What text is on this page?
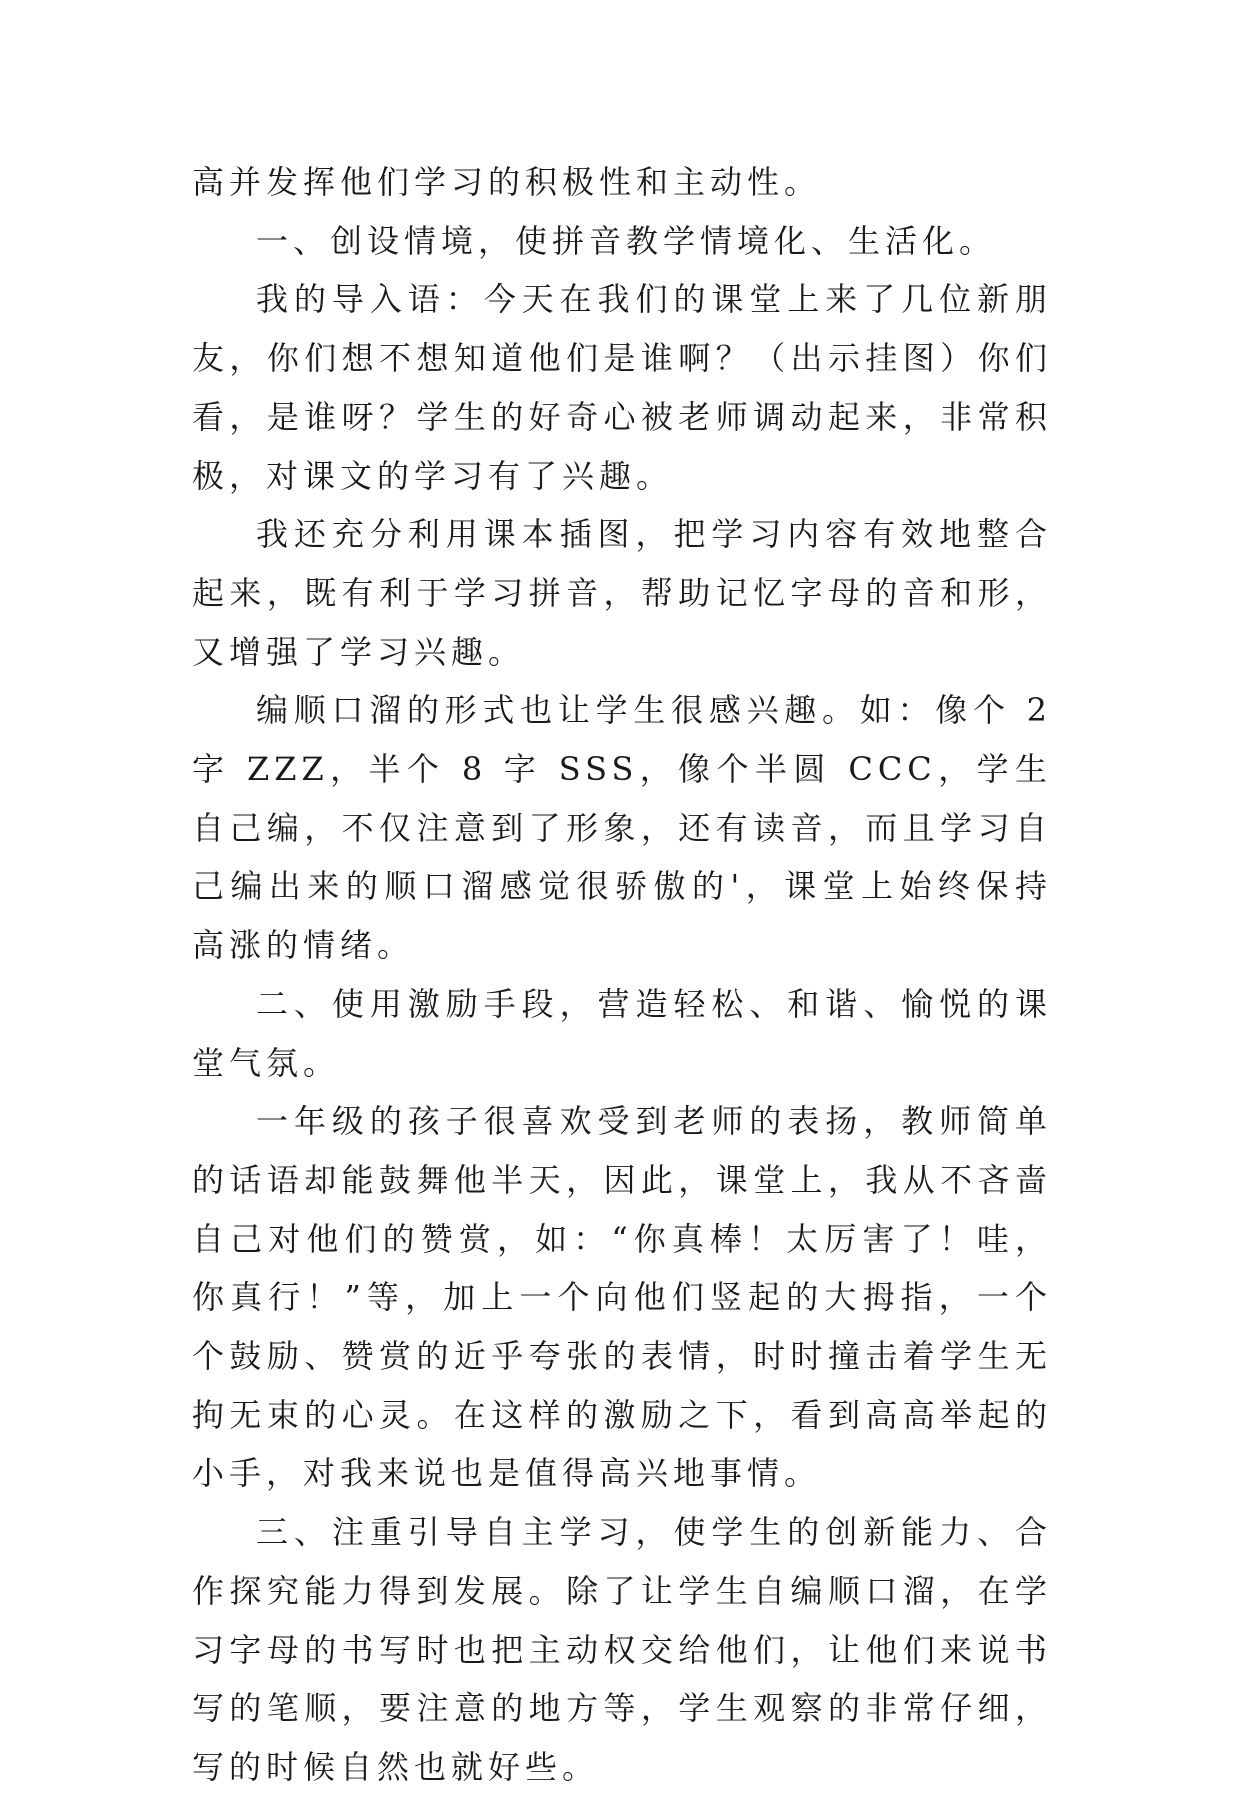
高并发挥他们学习的积极性和主动性。

一、创设情境，使拼音教学情境化、生活化。

我的导入语：今天在我们的课堂上来了几位新朋友，你们想不想知道他们是谁啊？（出示挂图）你们看，是谁呀？学生的好奇心被老师调动起来，非常积极，对课文的学习有了兴趣。

我还充分利用课本插图，把学习内容有效地整合起来，既有利于学习拼音，帮助记忆字母的音和形，又增强了学习兴趣。

编顺口溜的形式也让学生很感兴趣。如：像个 2 字 ZZZ，半个 8 字 SSS，像个半圆 CCC，学生自己编，不仅注意到了形象，还有读音，而且学习自己编出来的顺口溜感觉很骄傲的'，课堂上始终保持高涨的情绪。

二、使用激励手段，营造轻松、和谐、愉悦的课堂气氛。

一年级的孩子很喜欢受到老师的表扬，教师简单的话语却能鼓舞他半天，因此，课堂上，我从不吝啬自己对他们的赞赏，如：“你真棒！太厉害了！哇，你真行！”等，加上一个向他们竖起的大拇指，一个个鼓励、赞赏的近乎夸张的表情，时时撞击着学生无拘无束的心灵。在这样的激励之下，看到高高举起的小手，对我来说也是值得高兴地事情。

三、注重引导自主学习，使学生的创新能力、合作探究能力得到发展。除了让学生自编顺口溜，在学习字母的书写时也把主动权交给他们，让他们来说书写的笔顺，要注意的地方等，学生观察的非常仔细，写的时候自然也就好些。
